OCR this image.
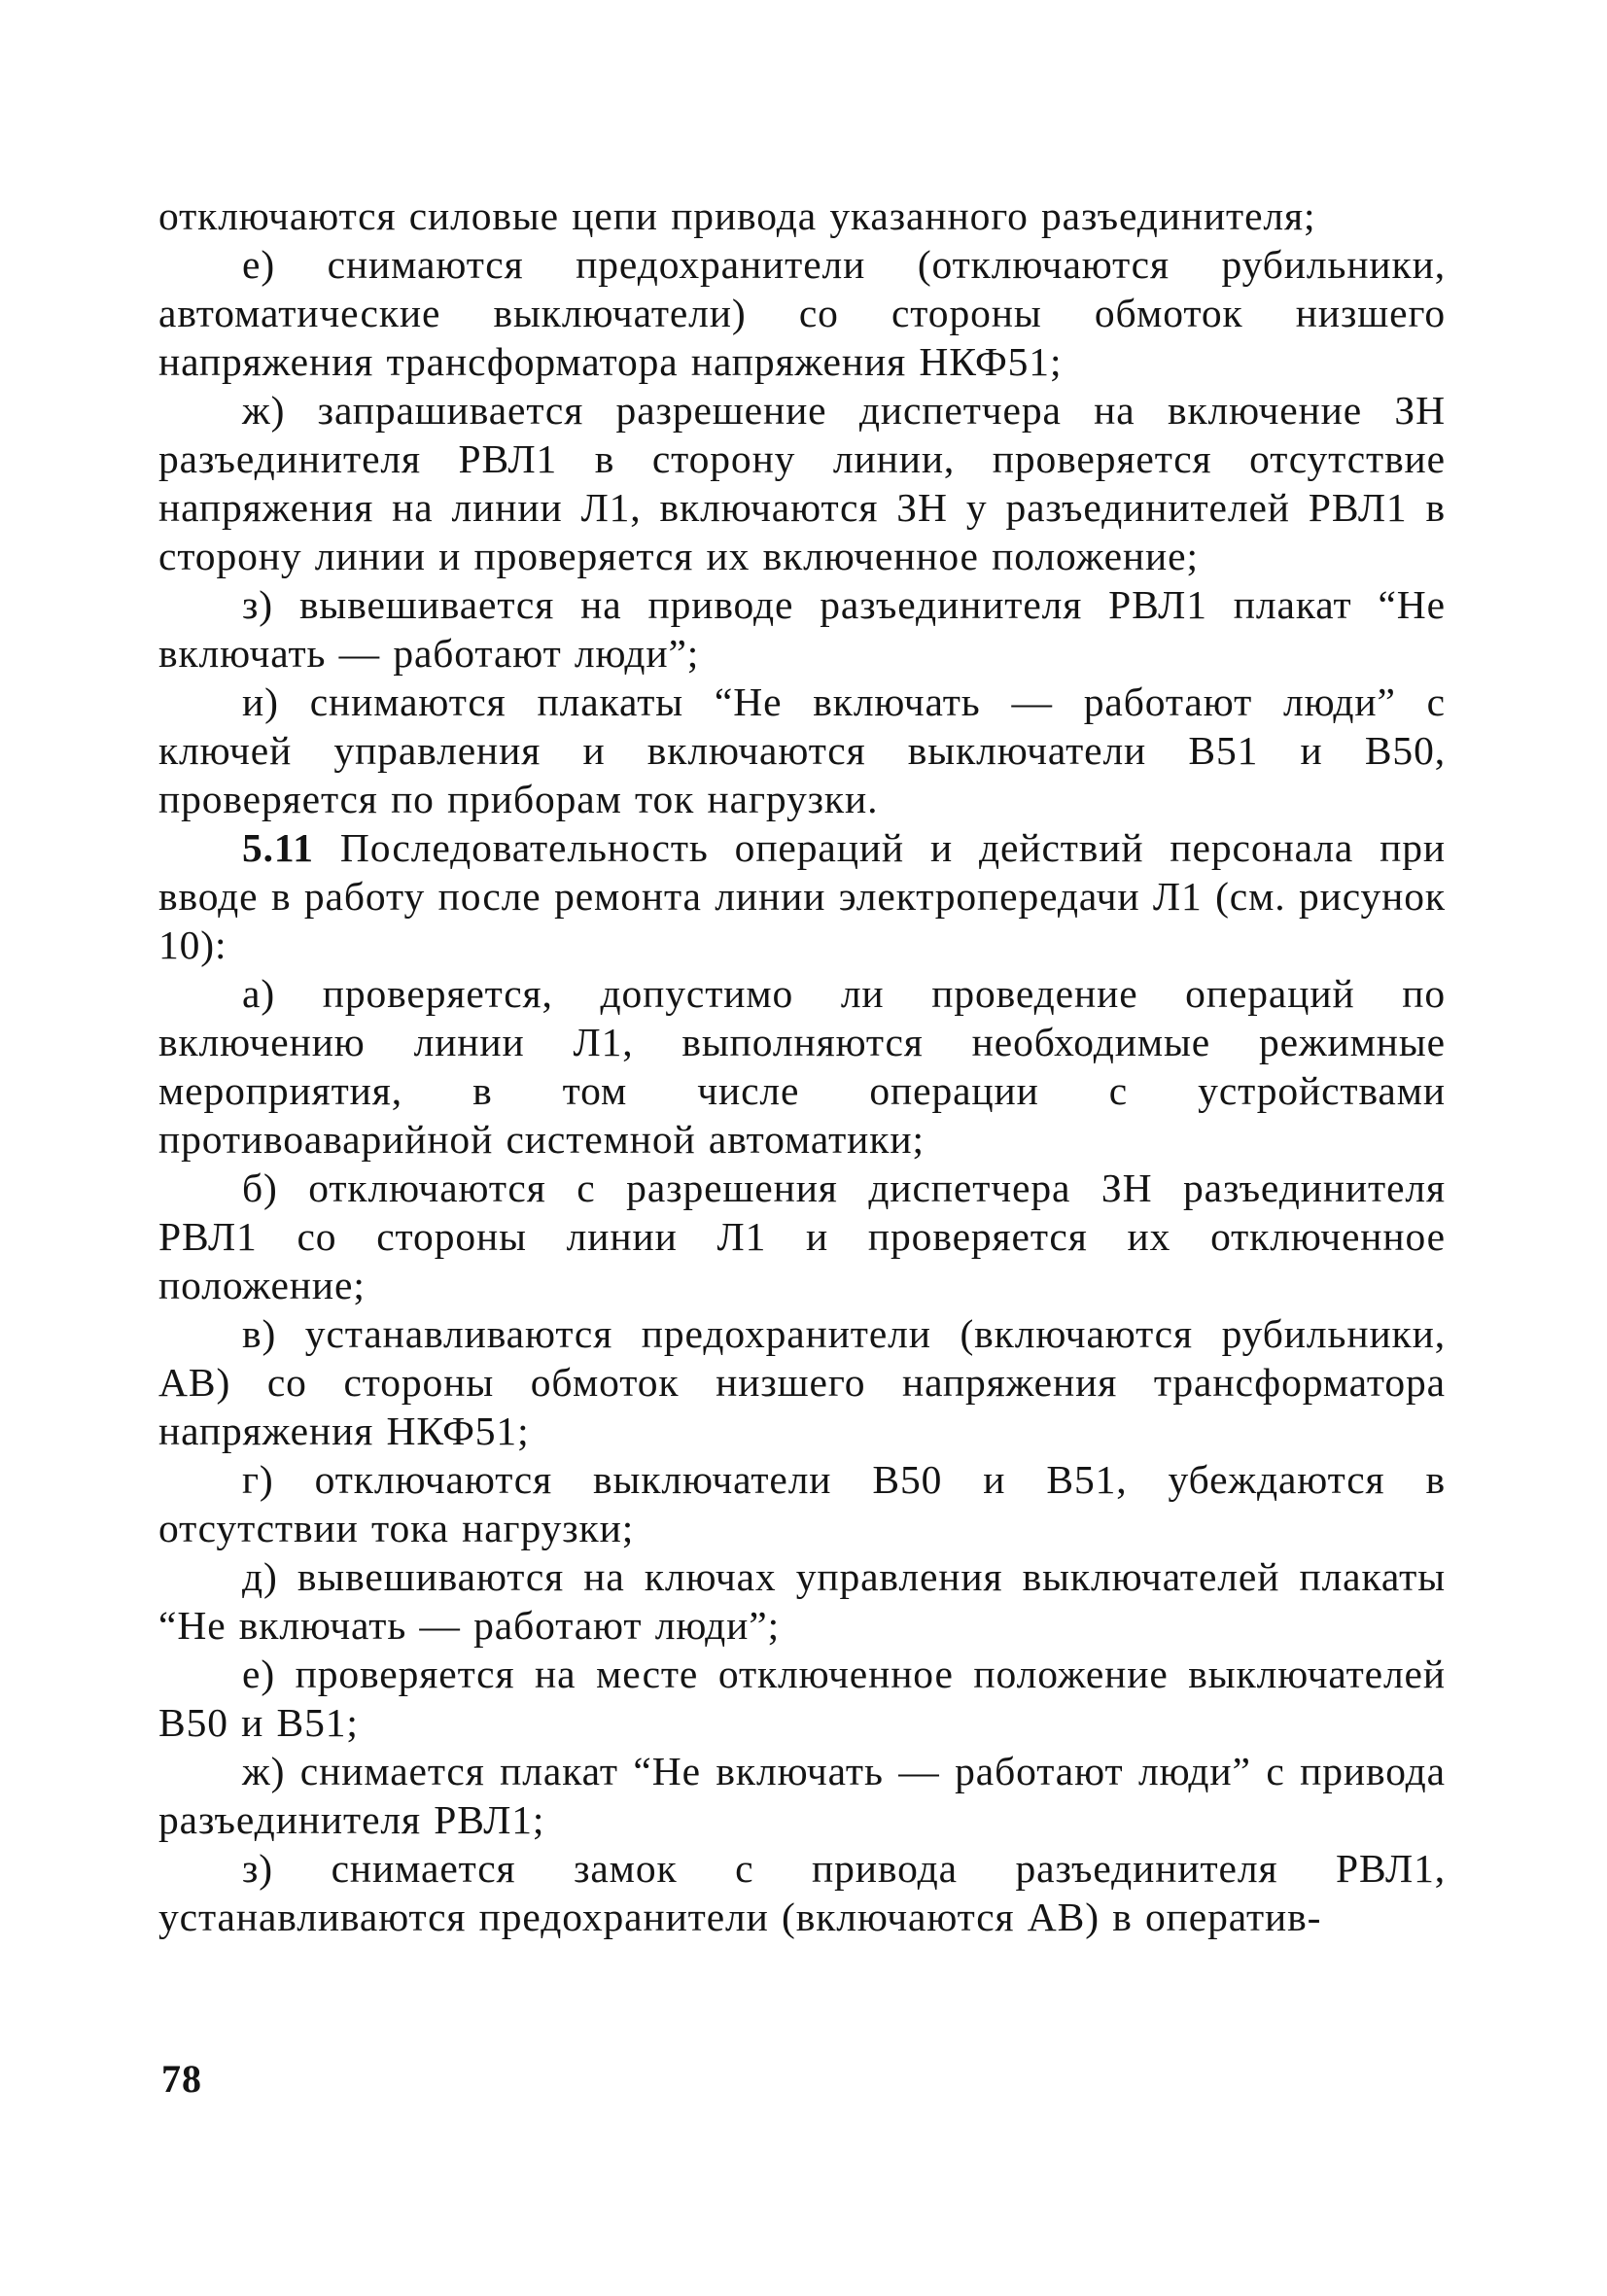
отключаются силовые цепи привода указанного разъединителя;

е) снимаются предохранители (отключаются рубильники, автоматические выключатели) со стороны обмоток низшего напряжения трансформатора напряжения НКФ51;

ж) запрашивается разрешение диспетчера на включение ЗН разъединителя РВЛ1 в сторону линии, проверяется отсутствие напряжения на линии Л1, включаются ЗН у разъединителей РВЛ1 в сторону линии и проверяется их включенное положение;

з) вывешивается на приводе разъединителя РВЛ1 плакат “Не включать — работают люди”;

и) снимаются плакаты “Не включать — работают люди” с ключей управления и включаются выключатели В51 и В50, проверяется по приборам ток нагрузки.

5.11 Последовательность операций и действий персонала при вводе в работу после ремонта линии электропередачи Л1 (см. рисунок 10):

а) проверяется, допустимо ли проведение операций по включению линии Л1, выполняются необходимые режимные мероприятия, в том числе операции с устройствами противоаварийной системной автоматики;

б) отключаются с разрешения диспетчера ЗН разъединителя РВЛ1 со стороны линии Л1 и проверяется их отключенное положение;

в) устанавливаются предохранители (включаются рубильники, АВ) со стороны обмоток низшего напряжения трансформатора напряжения НКФ51;

г) отключаются выключатели В50 и В51, убеждаются в отсутствии тока нагрузки;

д) вывешиваются на ключах управления выключателей плакаты “Не включать — работают люди”;

е) проверяется на месте отключенное положение выключателей В50 и В51;

ж) снимается плакат “Не включать — работают люди” с привода разъединителя РВЛ1;

з) снимается замок с привода разъединителя РВЛ1, устанавливаются предохранители (включаются АВ) в оператив-

78
